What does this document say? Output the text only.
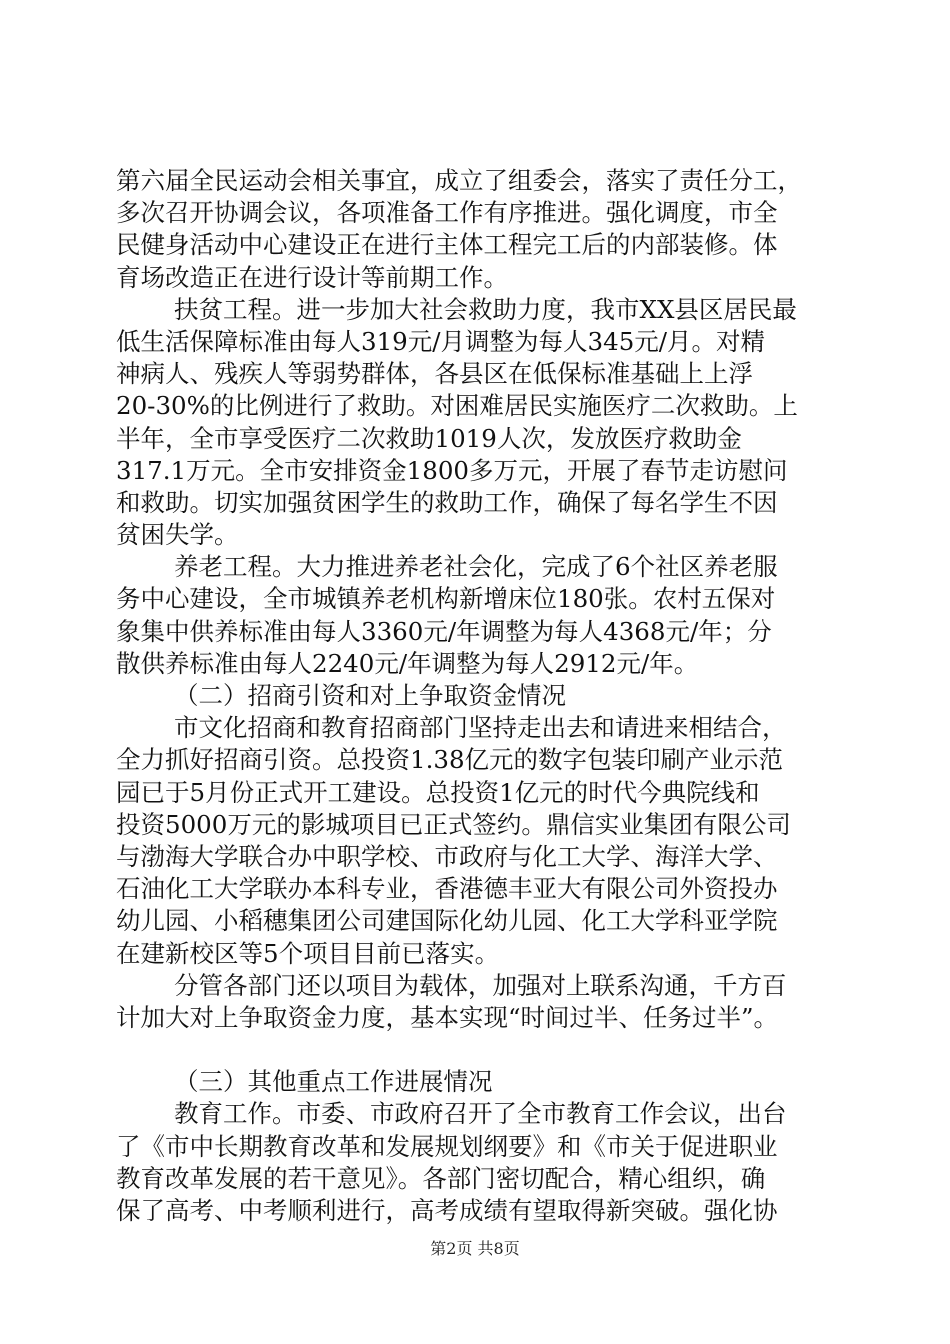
第六届全民运动会相关事宜，成立了组委会，落实了责任分工，
多次召开协调会议，各项准备工作有序推进。强化调度，市全
民健身活动中心建设正在进行主体工程完工后的内部装修。体
育场改造正在进行设计等前期工作。
扶贫工程。进一步加大社会救助力度，我市XX县区居民最
低生活保障标准由每人319元/月调整为每人345元/月。对精
神病人、残疾人等弱势群体，各县区在低保标准基础上上浮
20-30%的比例进行了救助。对困难居民实施医疗二次救助。上
半年，全市享受医疗二次救助1019人次，发放医疗救助金
317.1万元。全市安排资金1800多万元，开展了春节走访慰问
和救助。切实加强贫困学生的救助工作，确保了每名学生不因
贫困失学。
养老工程。大力推进养老社会化，完成了6个社区养老服
务中心建设，全市城镇养老机构新增床位180张。农村五保对
象集中供养标准由每人3360元/年调整为每人4368元/年；分
散供养标准由每人2240元/年调整为每人2912元/年。
（二）招商引资和对上争取资金情况
市文化招商和教育招商部门坚持走出去和请进来相结合，
全力抓好招商引资。总投资1.38亿元的数字包装印刷产业示范
园已于5月份正式开工建设。总投资1亿元的时代今典院线和
投资5000万元的影城项目已正式签约。鼎信实业集团有限公司
与渤海大学联合办中职学校、市政府与化工大学、海洋大学、
石油化工大学联办本科专业，香港德丰亚大有限公司外资投办
幼儿园、小稻穗集团公司建国际化幼儿园、化工大学科亚学院
在建新校区等5个项目目前已落实。
分管各部门还以项目为载体，加强对上联系沟通，千方百
计加大对上争取资金力度，基本实现“时间过半、任务过半”。
（三）其他重点工作进展情况
教育工作。市委、市政府召开了全市教育工作会议，出台
了《市中长期教育改革和发展规划纲要》和《市关于促进职业
教育改革发展的若干意见》。各部门密切配合，精心组织，确
保了高考、中考顺利进行，高考成绩有望取得新突破。强化协
第2页 共8页
